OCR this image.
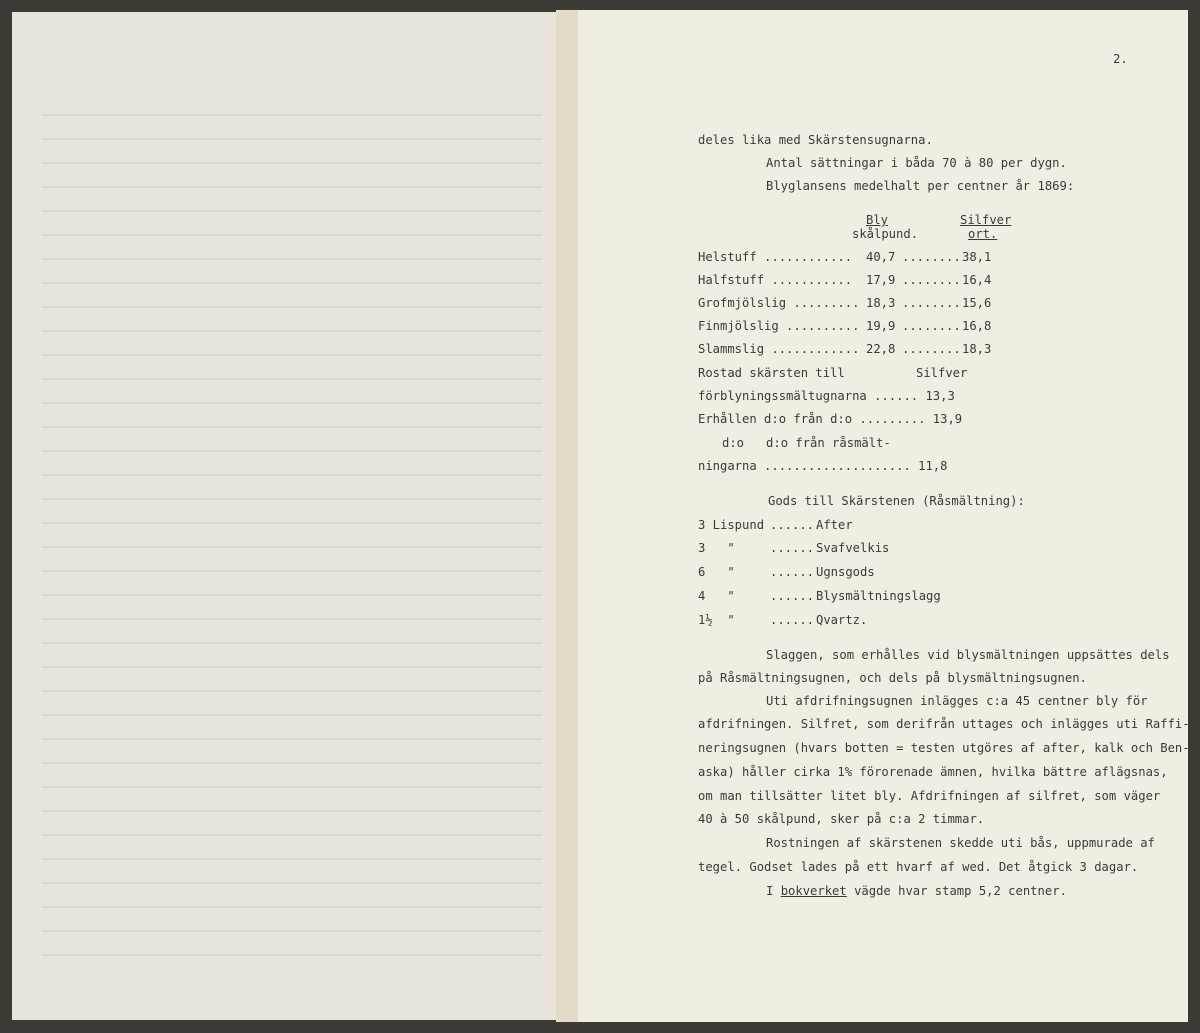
2.
deles lika med Skärstensugnarna.
Antal sättningar i båda 70 à 80 per dygn.
Blyglansens medelhalt per centner år 1869:
Bly	Silfver
skålpund.	ort.
Helstuff ............ 40,7 ........ 38,1
Halfstuff ........... 17,9 ........ 16,4
Grofmjölslig ......... 18,3 ........ 15,6
Finmjölslig .......... 19,9 ........ 16,8
Slammslig ............ 22,8 ........ 18,3
Rostad skärsten till	Silfver
förblyningssmältugnarna ...... 13,3
Erhållen d:o från d:o ......... 13,9
d:o   d:o från råsmält-
ningarna .................... 11,8
Gods till Skärstenen (Råsmältning):
3 Lispund ...... After
3   "	...... Svafvelkis
6   "	...... Ugnsgods
4   "	...... Blysmältningslagg
1½  "	...... Qvartz.
Slaggen, som erhålles vid blysmältningen uppsättes dels
på Råsmältningsugnen, och dels på blysmältningsugnen.
Uti afdrifningsugnen inlägges c:a 45 centner bly för
afdrifningen. Silfret, som derifrån uttages och inlägges uti Raffi-
neringsugnen (hvars botten = testen utgöres af after, kalk och Ben-
aska) håller cirka 1% förorenade ämnen, hvilka bättre aflägsnas,
om man tillsätter litet bly. Afdrifningen af silfret, som väger
40 à 50 skålpund, sker på c:a 2 timmar.
Rostningen af skärstenen skedde uti bås, uppmurade af
tegel. Godset lades på ett hvarf af wed. Det åtgick 3 dagar.
I bokverket vägde hvar stamp 5,2 centner.
